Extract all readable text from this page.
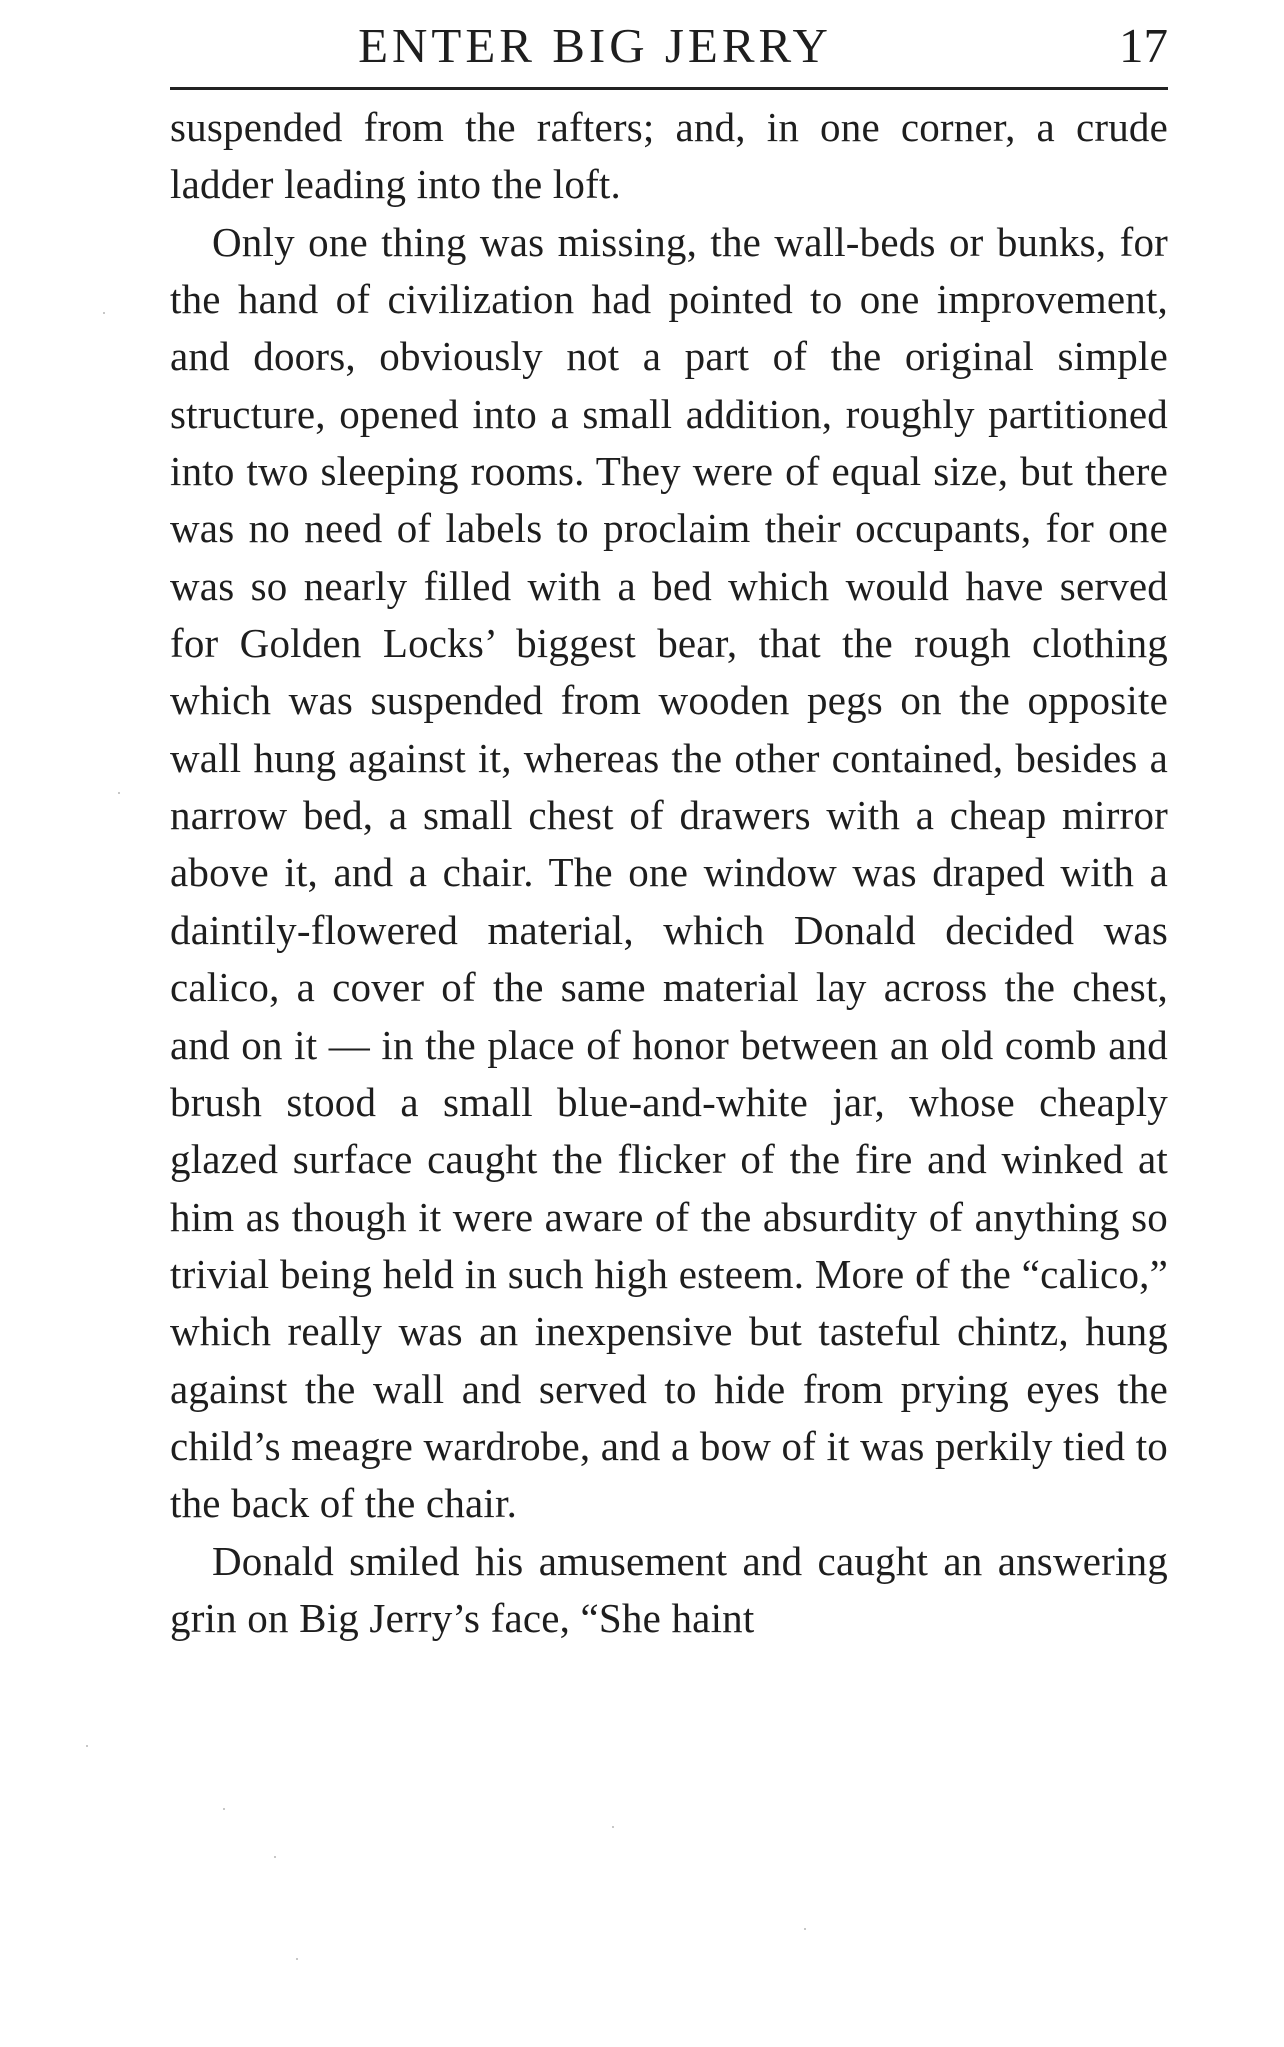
ENTER BIG JERRY	17

suspended from the rafters; and, in one corner, a crude ladder leading into the loft.

Only one thing was missing, the wall-beds or bunks, for the hand of civilization had pointed to one improvement, and doors, obviously not a part of the original simple structure, opened into a small addition, roughly partitioned into two sleeping rooms. They were of equal size, but there was no need of labels to proclaim their occupants, for one was so nearly filled with a bed which would have served for Golden Locks’ biggest bear, that the rough clothing which was suspended from wooden pegs on the opposite wall hung against it, whereas the other contained, besides a narrow bed, a small chest of drawers with a cheap mirror above it, and a chair. The one window was draped with a daintily-flowered material, which Donald decided was calico, a cover of the same material lay across the chest, and on it — in the place of honor between an old comb and brush stood a small blue-and-white jar, whose cheaply glazed surface caught the flicker of the fire and winked at him as though it were aware of the absurdity of anything so trivial being held in such high esteem. More of the “calico,” which really was an inexpensive but tasteful chintz, hung against the wall and served to hide from prying eyes the child’s meagre wardrobe, and a bow of it was perkily tied to the back of the chair.

Donald smiled his amusement and caught an answering grin on Big Jerry’s face, “She haint
